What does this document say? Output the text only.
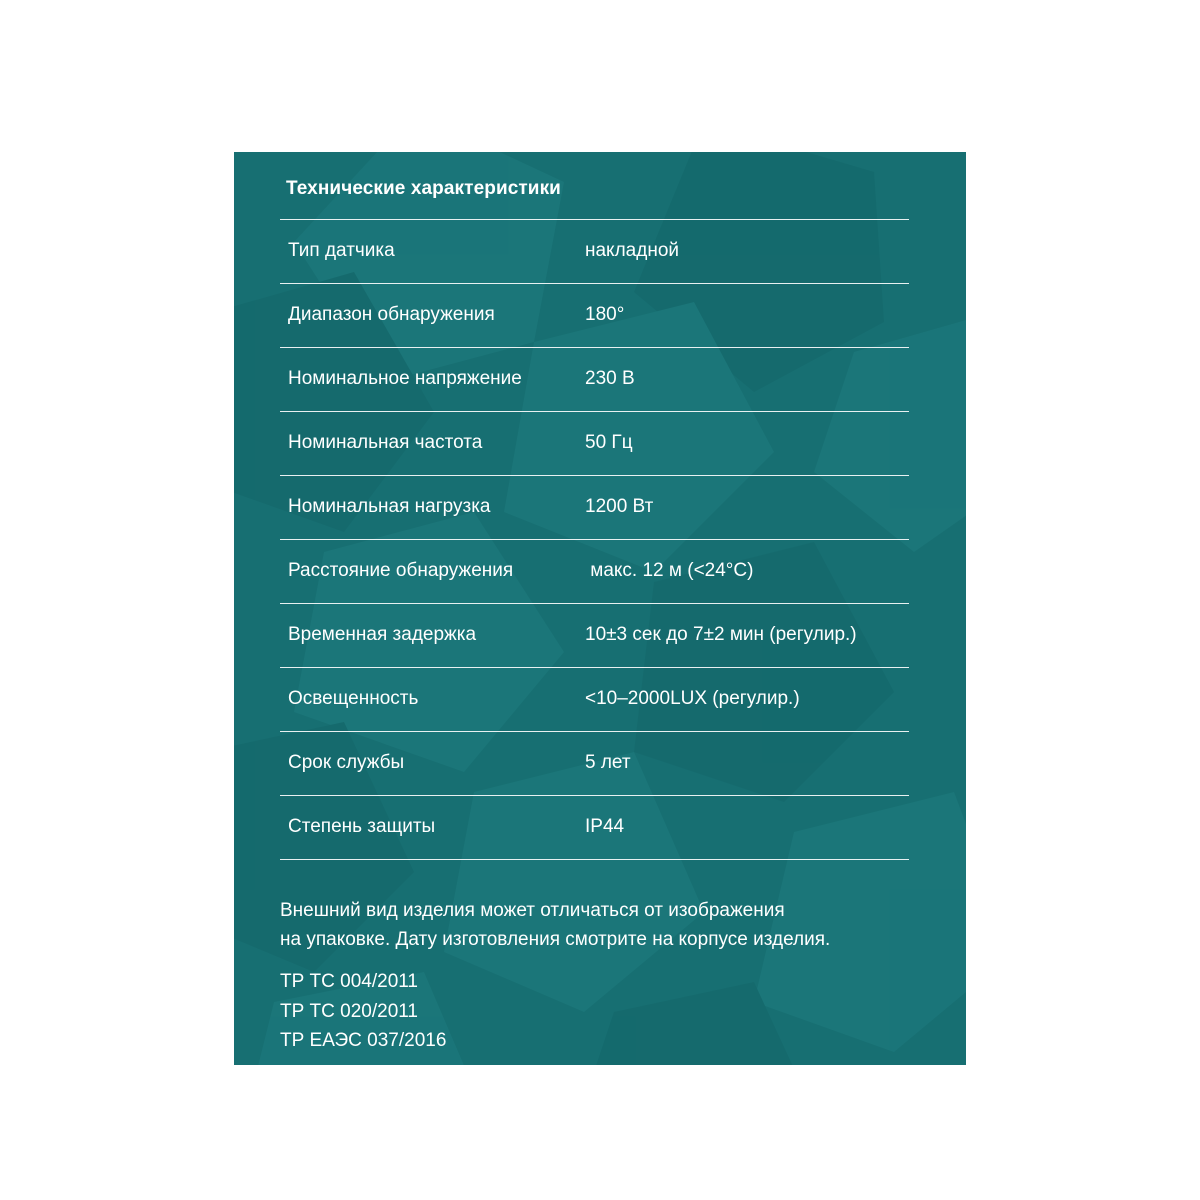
Технические характеристики
Тип датчика	накладной
Диапазон обнаружения	180°
Номинальное напряжение	230 В
Номинальная частота	50 Гц
Номинальная нагрузка	1200 Вт
Расстояние обнаружения	макс. 12 м (<24°C)
Временная задержка	10±3 сек до 7±2 мин (регулир.)
Освещенность	<10–2000LUX (регулир.)
Срок службы	5 лет
Степень защиты	IP44
Внешний вид изделия может отличаться от изображения
на упаковке. Дату изготовления смотрите на корпусе изделия.
ТР ТС 004/2011
ТР ТС 020/2011
ТР ЕАЭС 037/2016
